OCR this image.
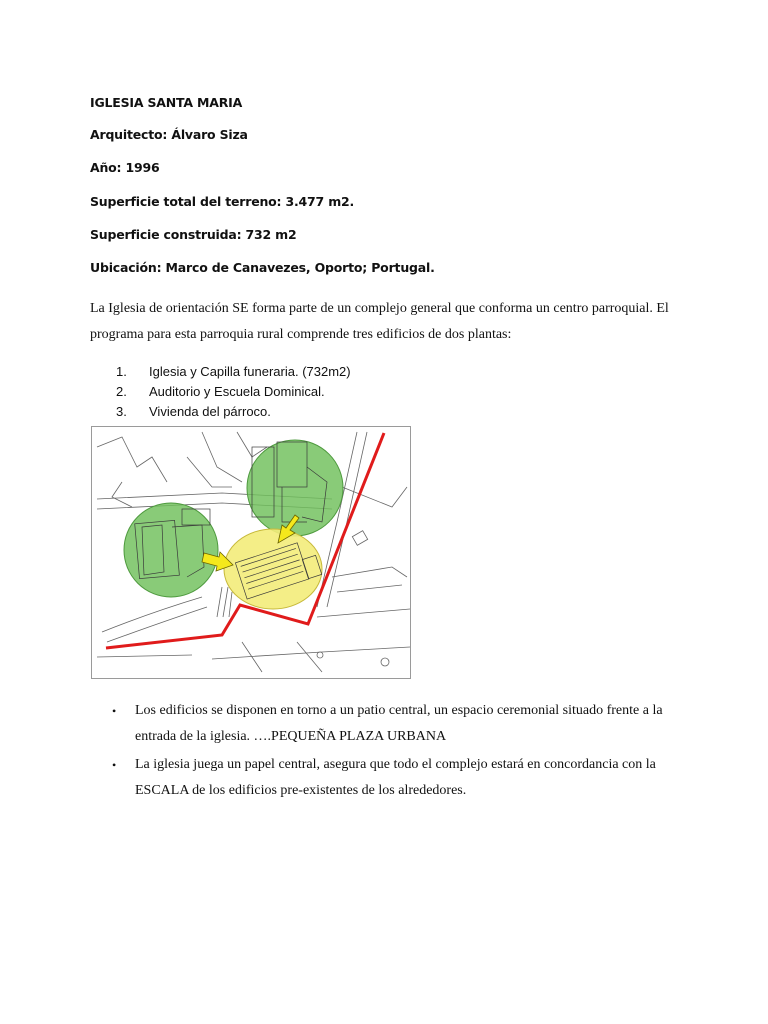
IGLESIA SANTA MARIA
Arquitecto: Álvaro Siza
Año: 1996
Superficie total del terreno: 3.477 m2.
Superficie construida: 732 m2
Ubicación: Marco de Canavezes, Oporto; Portugal.
La Iglesia de orientación SE forma parte de un complejo general que conforma un centro parroquial. El programa para esta parroquia rural comprende tres edificios de dos plantas:
1. Iglesia y Capilla funeraria. (732m2)
2. Auditorio y Escuela Dominical.
3. Vivienda del párroco.
• Los edificios se disponen en torno a un patio central, un espacio ceremonial situado frente a la entrada de la iglesia. ….PEQUEÑA PLAZA URBANA
• La iglesia juega un papel central, asegura que todo el complejo estará en concordancia con la ESCALA de los edificios pre-existentes de los alrededores.
